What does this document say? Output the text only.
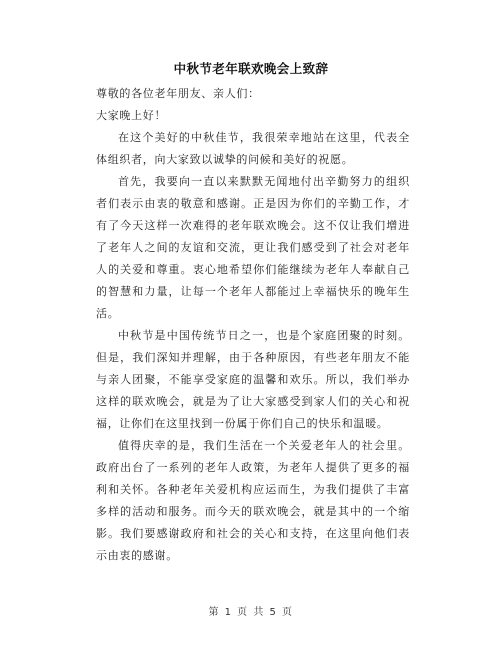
中秋节老年联欢晚会上致辞

尊敬的各位老年朋友、亲人们：

大家晚上好！

在这个美好的中秋佳节，我很荣幸地站在这里，代表全体组织者，向大家致以诚挚的问候和美好的祝愿。

首先，我要向一直以来默默无闻地付出辛勤努力的组织者们表示由衷的敬意和感谢。正是因为你们的辛勤工作，才有了今天这样一次难得的老年联欢晚会。这不仅让我们增进了老年人之间的友谊和交流，更让我们感受到了社会对老年人的关爱和尊重。衷心地希望你们能继续为老年人奉献自己的智慧和力量，让每一个老年人都能过上幸福快乐的晚年生活。

中秋节是中国传统节日之一，也是个家庭团聚的时刻。但是，我们深知并理解，由于各种原因，有些老年朋友不能与亲人团聚，不能享受家庭的温馨和欢乐。所以，我们举办这样的联欢晚会，就是为了让大家感受到家人们的关心和祝福，让你们在这里找到一份属于你们自己的快乐和温暖。

值得庆幸的是，我们生活在一个关爱老年人的社会里。政府出台了一系列的老年人政策，为老年人提供了更多的福利和关怀。各种老年关爱机构应运而生，为我们提供了丰富多样的活动和服务。而今天的联欢晚会，就是其中的一个缩影。我们要感谢政府和社会的关心和支持，在这里向他们表示由衷的感谢。

第 1 页 共 5 页
